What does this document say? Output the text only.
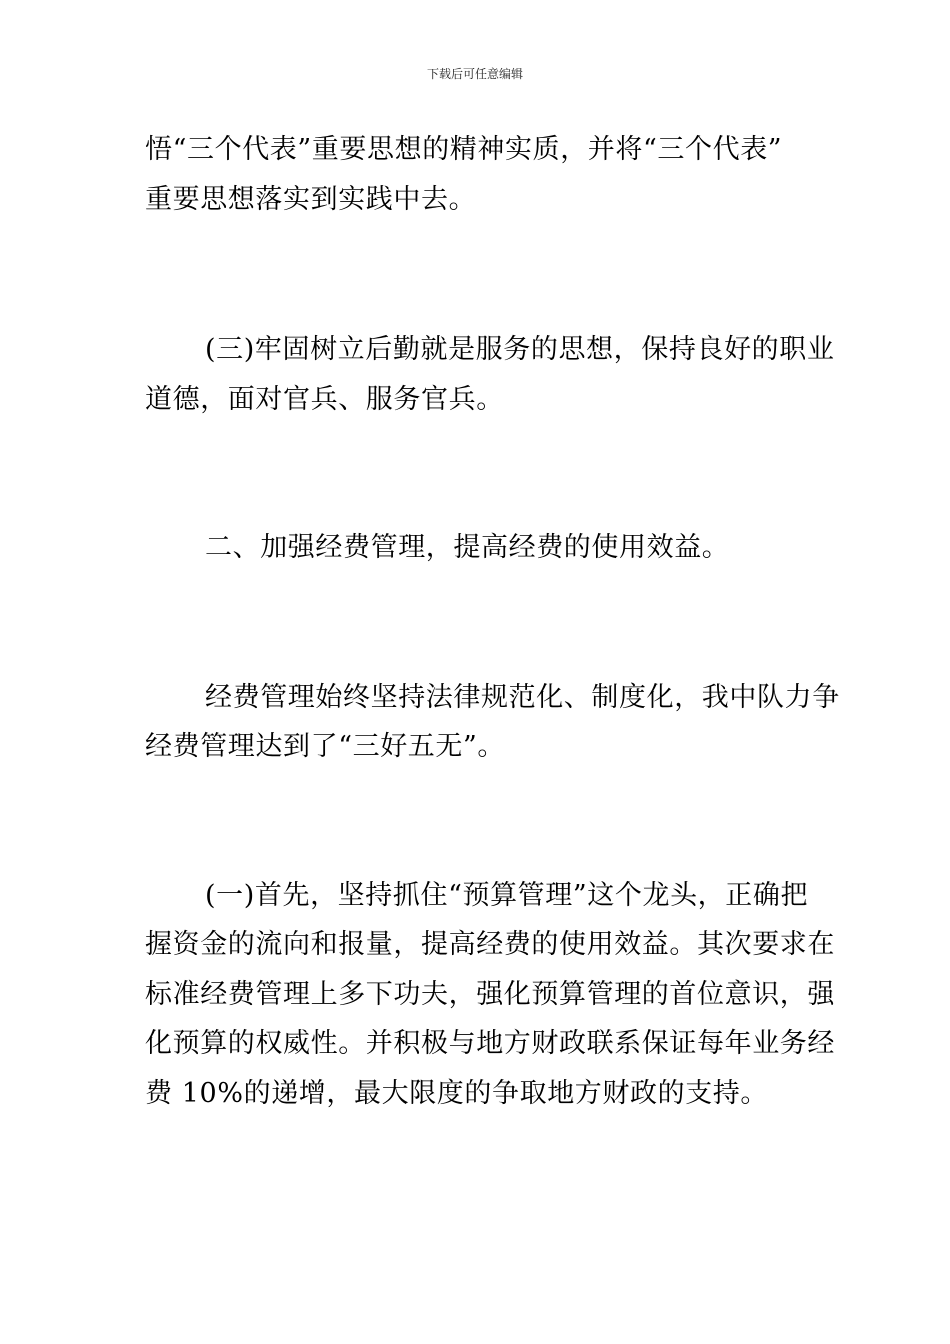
下载后可任意编辑
悟“三个代表”重要思想的精神实质，并将“三个代表”
重要思想落实到实践中去。
(三)牢固树立后勤就是服务的思想，保持良好的职业
道德，面对官兵、服务官兵。
二、加强经费管理，提高经费的使用效益。
经费管理始终坚持法律规范化、制度化，我中队力争
经费管理达到了“三好五无”。
(一)首先，坚持抓住“预算管理”这个龙头，正确把
握资金的流向和报量，提高经费的使用效益。其次要求在
标准经费管理上多下功夫，强化预算管理的首位意识，强
化预算的权威性。并积极与地方财政联系保证每年业务经
费 10%的递增，最大限度的争取地方财政的支持。
